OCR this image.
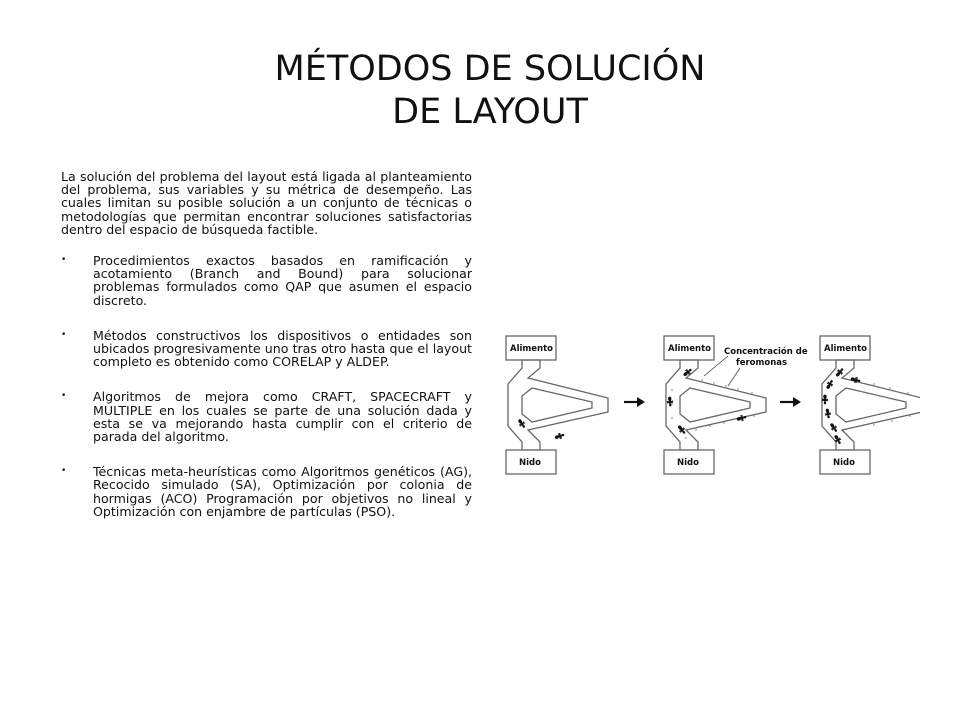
MÉTODOS DE SOLUCIÓN
DE LAYOUT

La solución del problema del layout está ligada al planteamiento del problema, sus variables y su métrica de desempeño. Las cuales limitan su posible solución a un conjunto de técnicas o metodologías que permitan encontrar soluciones satisfactorias dentro del espacio de búsqueda factible.

• Procedimientos exactos basados en ramificación y acotamiento (Branch and Bound) para solucionar problemas formulados como QAP que asumen el espacio discreto.
• Métodos constructivos los dispositivos o entidades son ubicados progresivamente uno tras otro hasta que el layout completo es obtenido como CORELAP y ALDEP.
• Algoritmos de mejora como CRAFT, SPACECRAFT y MULTIPLE en los cuales se parte de una solución dada y esta se va mejorando hasta cumplir con el criterio de parada del algoritmo.
• Técnicas meta-heurísticas como Algoritmos genéticos (AG), Recocido simulado (SA), Optimización por colonia de hormigas (ACO) Programación por objetivos no lineal y Optimización con enjambre de partículas (PSO).
Alimento
Nido
Alimento
Nido
Concentración de
feromonas
Alimento
Nido
